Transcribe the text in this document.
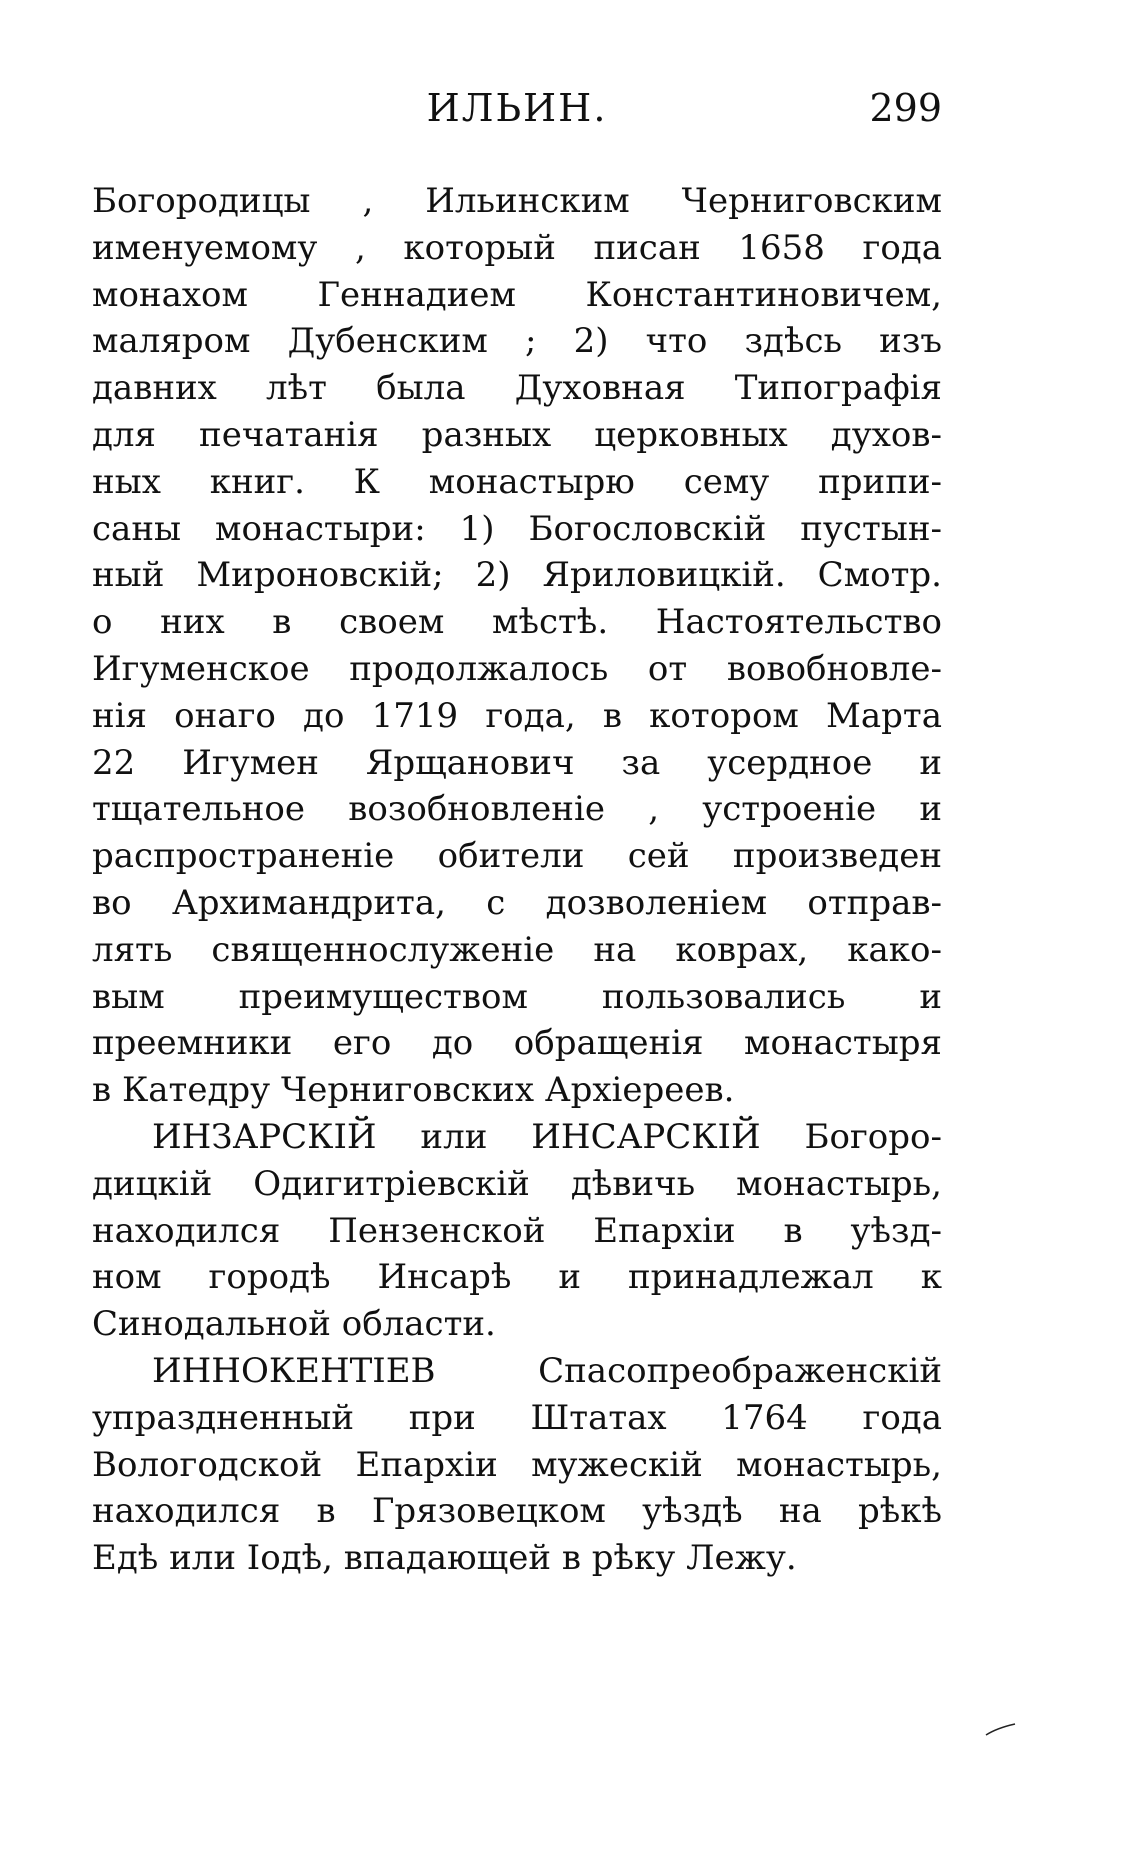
ИЛЬИН.	299
Богородицы , Ильинским Черниговским
именуемому , который писан 1658 года
монахом Геннадием Константиновичем,
маляром Дубенским ; 2) что здѣсь изъ
давних лѣт была Духовная Типографія
для печатанія разных церковных духов-
ных книг. К монастырю сему припи-
саны монастыри: 1) Богословскій пустын-
ный Мироновскій; 2) Яриловицкій. Смотр.
о них в своем мѣстѣ. Настоятельство
Игуменское продолжалось от вовобновле-
нія онаго до 1719 года, в котором Марта
22 Игумен Ярщанович за усердное и
тщательное возобновленіе , устроеніе и
распространеніе обители сей произведен
во Архимандрита, с дозволеніем отправ-
лять священнослуженіе на коврах, како-
вым преимуществом пользовались и
преемники его до обращенія монастыря
в Катедру Черниговских Архіереев.
ИНЗАРСКІЙ или ИНСАРСКІЙ Богоро-
дицкій Одигитріевскій дѣвичь монастырь,
находился Пензенской Епархіи в уѣзд-
ном городѣ Инсарѣ и принадлежал к
Синодальной области.
ИННОКЕНТІЕВ Спасопреображенскій
упраздненный при Штатах 1764 года
Вологодской Епархіи мужескій монастырь,
находился в Грязовецком уѣздѣ на рѣкѣ
Едѣ или Іодѣ, впадающей в рѣку Лежу.
